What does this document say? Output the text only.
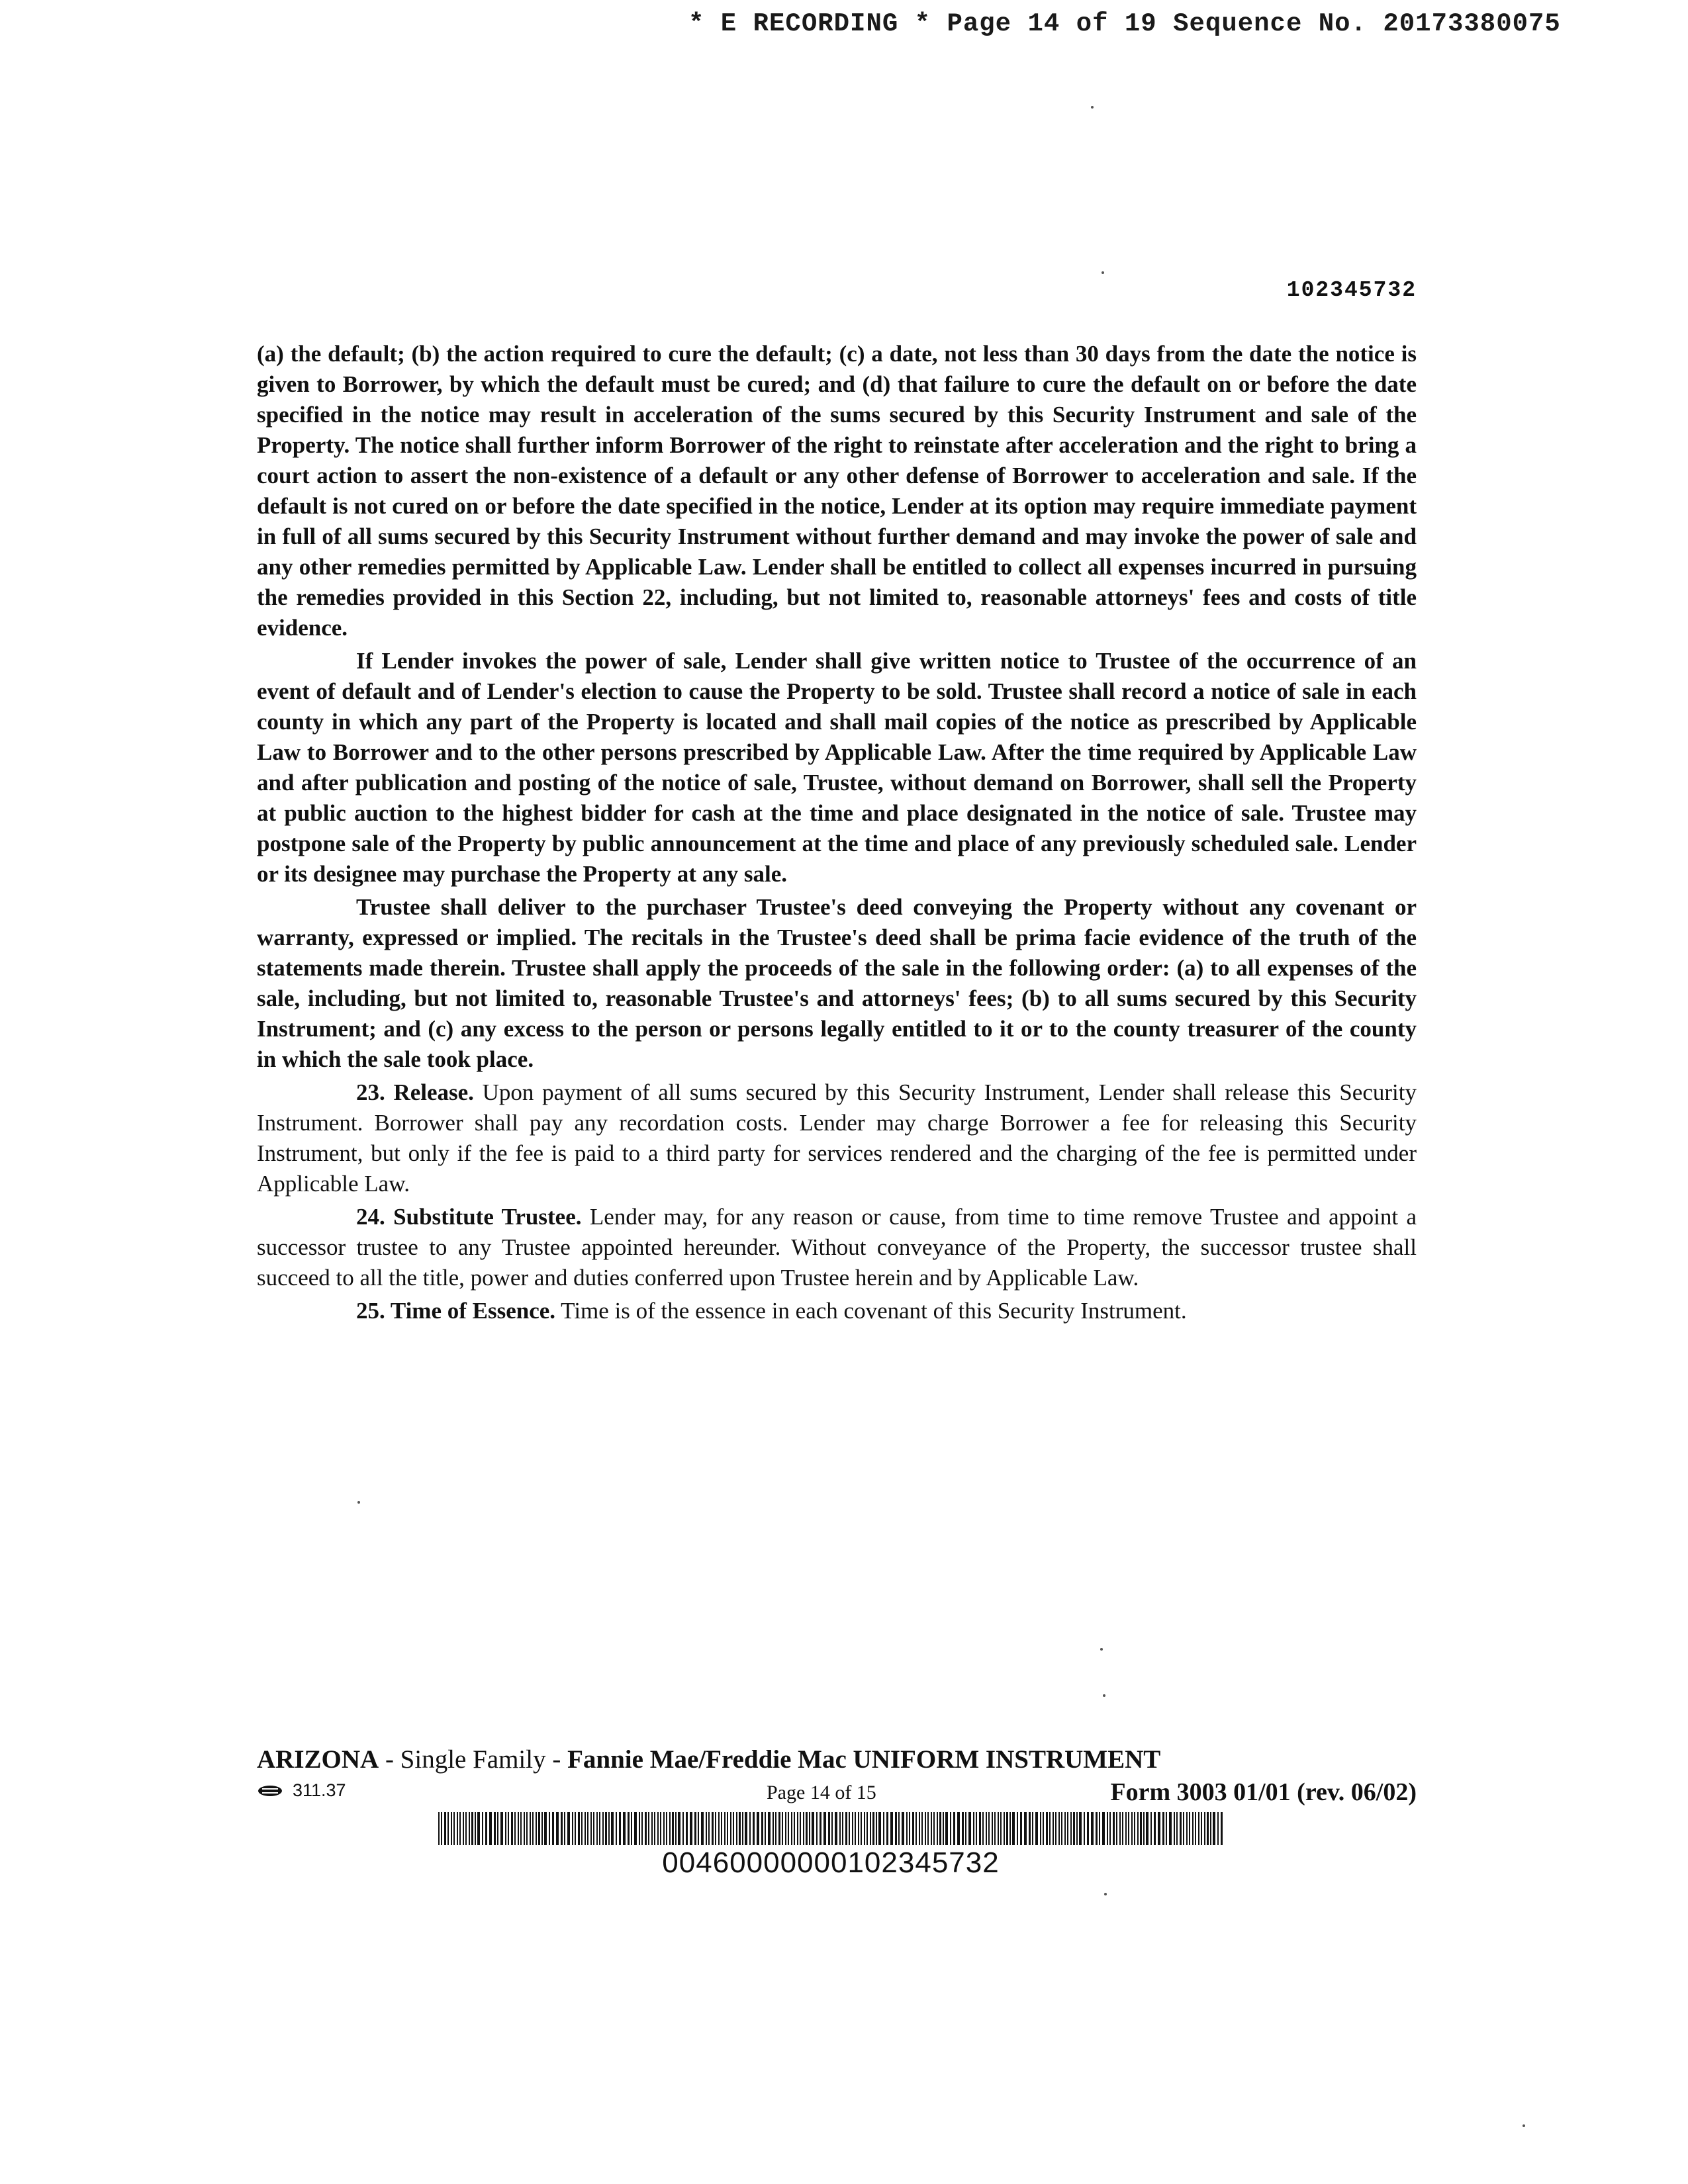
* E RECORDING * Page 14 of 19 Sequence No. 20173380075
102345732

(a) the default; (b) the action required to cure the default; (c) a date, not less than 30 days from the date the notice is given to Borrower, by which the default must be cured; and (d) that failure to cure the default on or before the date specified in the notice may result in acceleration of the sums secured by this Security Instrument and sale of the Property. The notice shall further inform Borrower of the right to reinstate after acceleration and the right to bring a court action to assert the non-existence of a default or any other defense of Borrower to acceleration and sale. If the default is not cured on or before the date specified in the notice, Lender at its option may require immediate payment in full of all sums secured by this Security Instrument without further demand and may invoke the power of sale and any other remedies permitted by Applicable Law. Lender shall be entitled to collect all expenses incurred in pursuing the remedies provided in this Section 22, including, but not limited to, reasonable attorneys' fees and costs of title evidence.

If Lender invokes the power of sale, Lender shall give written notice to Trustee of the occurrence of an event of default and of Lender's election to cause the Property to be sold. Trustee shall record a notice of sale in each county in which any part of the Property is located and shall mail copies of the notice as prescribed by Applicable Law to Borrower and to the other persons prescribed by Applicable Law. After the time required by Applicable Law and after publication and posting of the notice of sale, Trustee, without demand on Borrower, shall sell the Property at public auction to the highest bidder for cash at the time and place designated in the notice of sale. Trustee may postpone sale of the Property by public announcement at the time and place of any previously scheduled sale. Lender or its designee may purchase the Property at any sale.

Trustee shall deliver to the purchaser Trustee's deed conveying the Property without any covenant or warranty, expressed or implied. The recitals in the Trustee's deed shall be prima facie evidence of the truth of the statements made therein. Trustee shall apply the proceeds of the sale in the following order: (a) to all expenses of the sale, including, but not limited to, reasonable Trustee's and attorneys' fees; (b) to all sums secured by this Security Instrument; and (c) any excess to the person or persons legally entitled to it or to the county treasurer of the county in which the sale took place.

23. Release. Upon payment of all sums secured by this Security Instrument, Lender shall release this Security Instrument. Borrower shall pay any recordation costs. Lender may charge Borrower a fee for releasing this Security Instrument, but only if the fee is paid to a third party for services rendered and the charging of the fee is permitted under Applicable Law.

24. Substitute Trustee. Lender may, for any reason or cause, from time to time remove Trustee and appoint a successor trustee to any Trustee appointed hereunder. Without conveyance of the Property, the successor trustee shall succeed to all the title, power and duties conferred upon Trustee herein and by Applicable Law.

25. Time of Essence. Time is of the essence in each covenant of this Security Instrument.

ARIZONA - Single Family - Fannie Mae/Freddie Mac UNIFORM INSTRUMENT
311.37	Page 14 of 15	Form 3003 01/01 (rev. 06/02)
00460000000102345732
